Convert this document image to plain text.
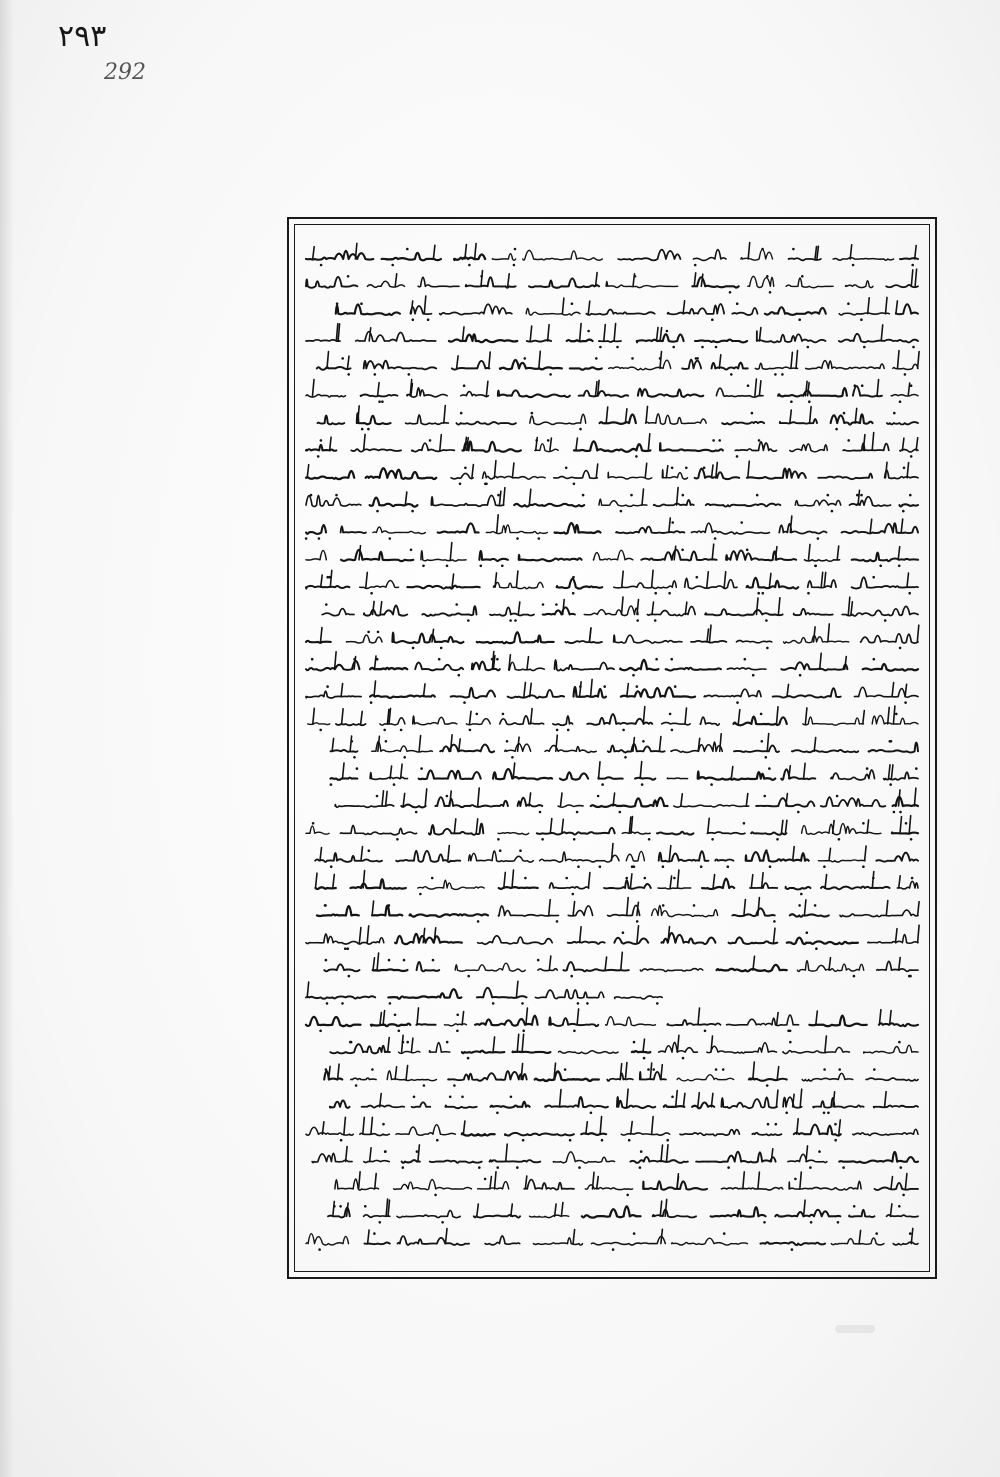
٢٩٣
292
